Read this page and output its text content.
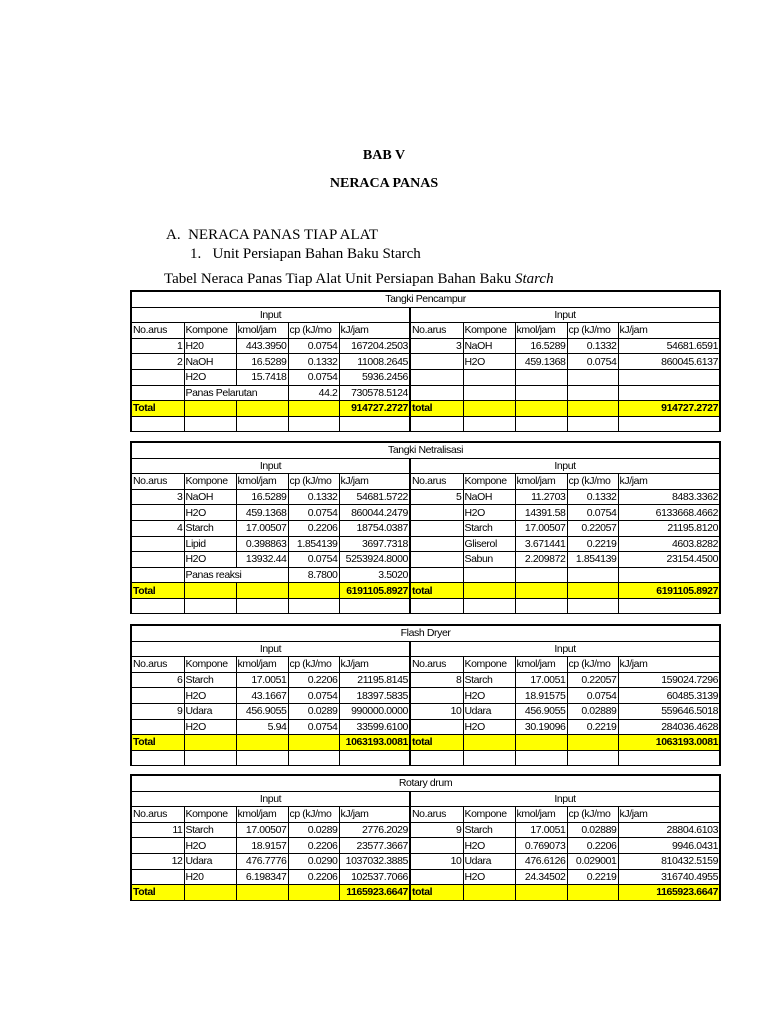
BAB V
NERACA PANAS
A.  NERACA PANAS TIAP ALAT
1.   Unit Persiapan Bahan Baku Starch
Tabel Neraca Panas Tiap Alat Unit Persiapan Bahan Baku Starch
Tangki Pencampur									
Input					Input				
No.arus	Kompone	kmol/jam	cp (kJ/mo	kJ/jam	No.arus	Kompone	kmol/jam	cp (kJ/mo	kJ/jam
1	H20	443.3950	0.0754	167204.2503	3	NaOH	16.5289	0.1332	54681.6591
2	NaOH	16.5289	0.1332	11008.2645		H2O	459.1368	0.0754	860045.6137
	H2O	15.7418	0.0754	5936.2456					
	Panas Pelarutan		44.2	730578.5124					
Total				914727.2727	total				914727.2727

Tangki Netralisasi									
Input					Input				
No.arus	Kompone	kmol/jam	cp (kJ/mo	kJ/jam	No.arus	Kompone	kmol/jam	cp (kJ/mo	kJ/jam
3	NaOH	16.5289	0.1332	54681.5722	5	NaOH	11.2703	0.1332	8483.3362
	H2O	459.1368	0.0754	860044.2479		H2O	14391.58	0.0754	6133668.4662
4	Starch	17.00507	0.2206	18754.0387		Starch	17.00507	0.22057	21195.8120
	Lipid	0.398863	1.854139	3697.7318		Gliserol	3.671441	0.2219	4603.8282
	H2O	13932.44	0.0754	5253924.8000		Sabun	2.209872	1.854139	23154.4500
	Panas reaksi		8.7800	3.5020					
Total				6191105.8927	total				6191105.8927

Flash Dryer									
Input					Input				
No.arus	Kompone	kmol/jam	cp (kJ/mo	kJ/jam	No.arus	Kompone	kmol/jam	cp (kJ/mo	kJ/jam
6	Starch	17.0051	0.2206	21195.8145	8	Starch	17.0051	0.22057	159024.7296
	H2O	43.1667	0.0754	18397.5835		H2O	18.91575	0.0754	60485.3139
9	Udara	456.9055	0.0289	990000.0000	10	Udara	456.9055	0.02889	559646.5018
	H2O	5.94	0.0754	33599.6100		H2O	30.19096	0.2219	284036.4628
Total				1063193.0081	total				1063193.0081

Rotary drum									
Input					Input				
No.arus	Kompone	kmol/jam	cp (kJ/mo	kJ/jam	No.arus	Kompone	kmol/jam	cp (kJ/mo	kJ/jam
11	Starch	17.00507	0.0289	2776.2029	9	Starch	17.0051	0.02889	28804.6103
	H2O	18.9157	0.2206	23577.3667		H2O	0.769073	0.2206	9946.0431
12	Udara	476.7776	0.0290	1037032.3885	10	Udara	476.6126	0.029001	810432.5159
	H20	6.198347	0.2206	102537.7066		H2O	24.34502	0.2219	316740.4955
Total				1165923.6647	total				1165923.6647
